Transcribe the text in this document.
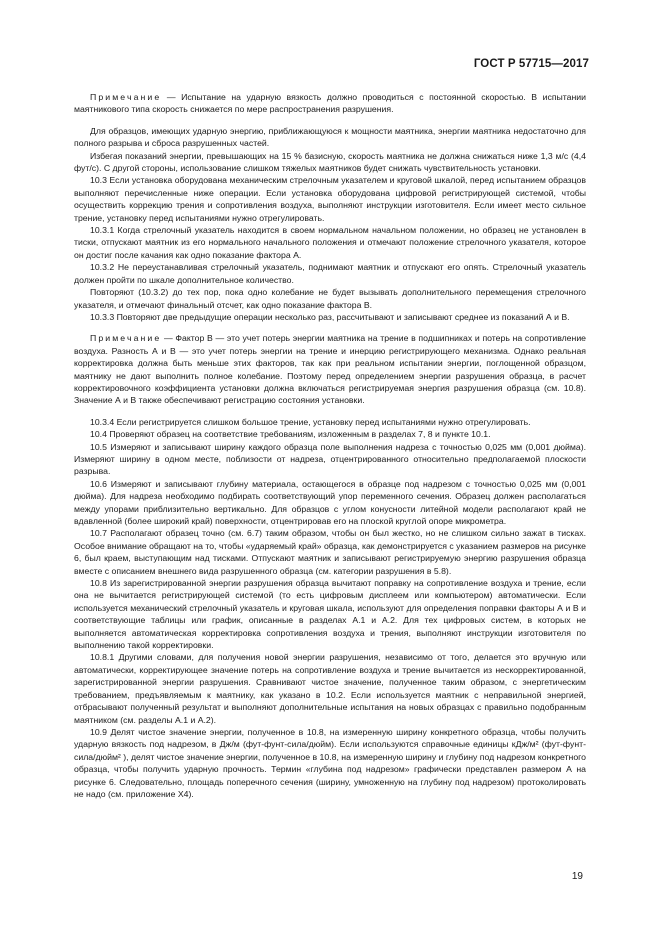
ГОСТ Р 57715—2017

Примечание — Испытание на ударную вязкость должно проводиться с постоянной скоростью. В испытании маятникового типа скорость снижается по мере распространения разрушения.

Для образцов, имеющих ударную энергию, приближающуюся к мощности маятника, энергии маятника недостаточно для полного разрыва и сброса разрушенных частей.

Избегая показаний энергии, превышающих на 15 % базисную, скорость маятника не должна снижаться ниже 1,3 м/с (4,4 фут/с). С другой стороны, использование слишком тяжелых маятников будет снижать чувствительность установки.

10.3 Если установка оборудована механическим стрелочным указателем и круговой шкалой, перед испытанием образцов выполняют перечисленные ниже операции. Если установка оборудована цифровой регистрирующей системой, чтобы осуществить коррекцию трения и сопротивления воздуха, выполняют инструкции изготовителя. Если имеет место сильное трение, установку перед испытаниями нужно отрегулировать.

10.3.1 Когда стрелочный указатель находится в своем нормальном начальном положении, но образец не установлен в тиски, отпускают маятник из его нормального начального положения и отмечают положение стрелочного указателя, которое он достиг после качания как одно показание фактора А.

10.3.2 Не переустанавливая стрелочный указатель, поднимают маятник и отпускают его опять. Стрелочный указатель должен пройти по шкале дополнительное количество.

Повторяют (10.3.2) до тех пор, пока одно колебание не будет вызывать дополнительного перемещения стрелочного указателя, и отмечают финальный отсчет, как одно показание фактора В.

10.3.3 Повторяют две предыдущие операции несколько раз, рассчитывают и записывают среднее из показаний А и В.

Примечание — Фактор В — это учет потерь энергии маятника на трение в подшипниках и потерь на сопротивление воздуха. Разность А и В — это учет потерь энергии на трение и инерцию регистрирующего механизма. Однако реальная корректировка должна быть меньше этих факторов, так как при реальном испытании энергии, поглощенной образцом, маятнику не дают выполнить полное колебание. Поэтому перед определением энергии разрушения образца, в расчет корректировочного коэффициента установки должна включаться регистрируемая энергия разрушения образца (см. 10.8). Значение А и В также обеспечивают регистрацию состояния установки.

10.3.4 Если регистрируется слишком большое трение, установку перед испытаниями нужно отрегулировать.

10.4 Проверяют образец на соответствие требованиям, изложенным в разделах 7, 8 и пункте 10.1.

10.5 Измеряют и записывают ширину каждого образца поле выполнения надреза с точностью 0,025 мм (0,001 дюйма). Измеряют ширину в одном месте, поблизости от надреза, отцентрированного относительно предполагаемой плоскости разрыва.

10.6 Измеряют и записывают глубину материала, остающегося в образце под надрезом с точностью 0,025 мм (0,001 дюйма). Для надреза необходимо подбирать соответствующий упор переменного сечения. Образец должен располагаться между упорами приблизительно вертикально. Для образцов с углом конусности литейной модели располагают край не вдавленной (более широкий край) поверхности, отцентрировав его на плоской круглой опоре микрометра.

10.7 Располагают образец точно (см. 6.7) таким образом, чтобы он был жестко, но не слишком сильно зажат в тисках. Особое внимание обращают на то, чтобы «ударяемый край» образца, как демонстрируется с указанием размеров на рисунке 6, был краем, выступающим над тисками. Отпускают маятник и записывают регистрируемую энергию разрушения образца вместе с описанием внешнего вида разрушенного образца (см. категории разрушения в 5.8).

10.8 Из зарегистрированной энергии разрушения образца вычитают поправку на сопротивление воздуха и трение, если она не вычитается регистрирующей системой (то есть цифровым дисплеем или компьютером) автоматически. Если используется механический стрелочный указатель и круговая шкала, используют для определения поправки факторы А и В и соответствующие таблицы или график, описанные в разделах А.1 и А.2. Для тех цифровых систем, в которых не выполняется автоматическая корректировка сопротивления воздуха и трения, выполняют инструкции изготовителя по выполнению такой корректировки.

10.8.1 Другими словами, для получения новой энергии разрушения, независимо от того, делается это вручную или автоматически, корректирующее значение потерь на сопротивление воздуха и трение вычитается из нескорректированной, зарегистрированной энергии разрушения. Сравнивают чистое значение, полученное таким образом, с энергетическим требованием, предъявляемым к маятнику, как указано в 10.2. Если используется маятник с неправильной энергией, отбрасывают полученный результат и выполняют дополнительные испытания на новых образцах с правильно подобранным маятником (см. разделы А.1 и А.2).

10.9 Делят чистое значение энергии, полученное в 10.8, на измеренную ширину конкретного образца, чтобы получить ударную вязкость под надрезом, в Дж/м (фут-фунт-сила/дюйм). Если используются справочные единицы кДж/м² (фут-фунт-сила/дюйм² ), делят чистое значение энергии, полученное в 10.8, на измеренную ширину и глубину под надрезом конкретного образца, чтобы получить ударную прочность. Термин «глубина под надрезом» графически представлен размером А на рисунке 6. Следовательно, площадь поперечного сечения (ширину, умноженную на глубину под надрезом) протоколировать не надо (см. приложение Х4).

19
